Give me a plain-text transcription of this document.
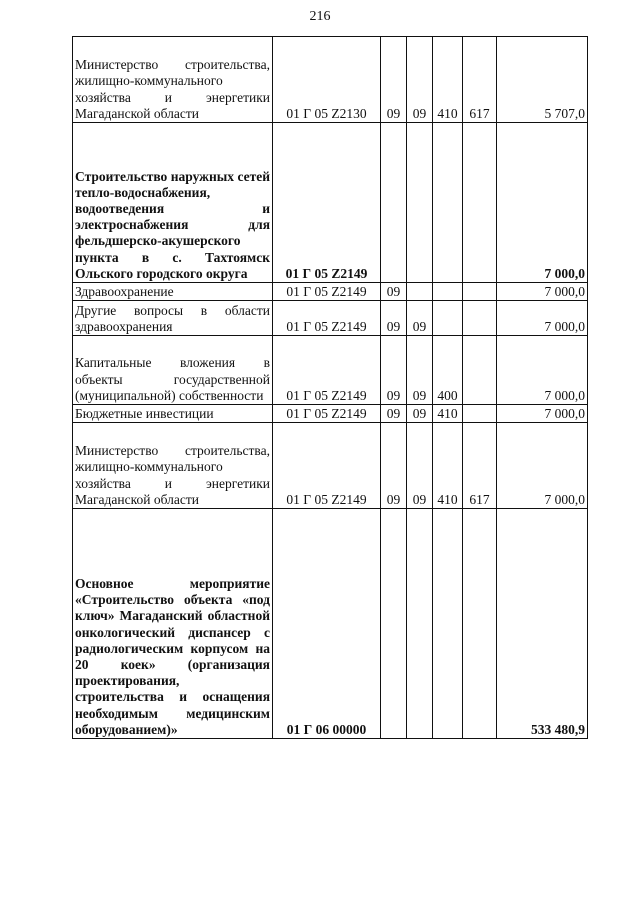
216
Министерство строительства, жилищно-коммунального хозяйства и энергетики Магаданской области	01 Г 05 Z2130	09	09	410	617	5 707,0
Строительство наружных сетей тепло-водоснабжения, водоотведения и электроснабжения для фельдшерско-акушерского пункта в с. Тахтоямск Ольского городского округа	01 Г 05 Z2149					7 000,0
Здравоохранение	01 Г 05 Z2149	09				7 000,0
Другие вопросы в области здравоохранения	01 Г 05 Z2149	09	09			7 000,0
Капитальные вложения в объекты государственной (муниципальной) собственности	01 Г 05 Z2149	09	09	400		7 000,0
Бюджетные инвестиции	01 Г 05 Z2149	09	09	410		7 000,0
Министерство строительства, жилищно-коммунального хозяйства и энергетики Магаданской области	01 Г 05 Z2149	09	09	410	617	7 000,0
Основное мероприятие «Строительство объекта «под ключ» Магаданский областной онкологический диспансер с радиологическим корпусом на 20 коек» (организация проектирования, строительства и оснащения необходимым медицинским оборудованием)»	01 Г 06 00000					533 480,9
